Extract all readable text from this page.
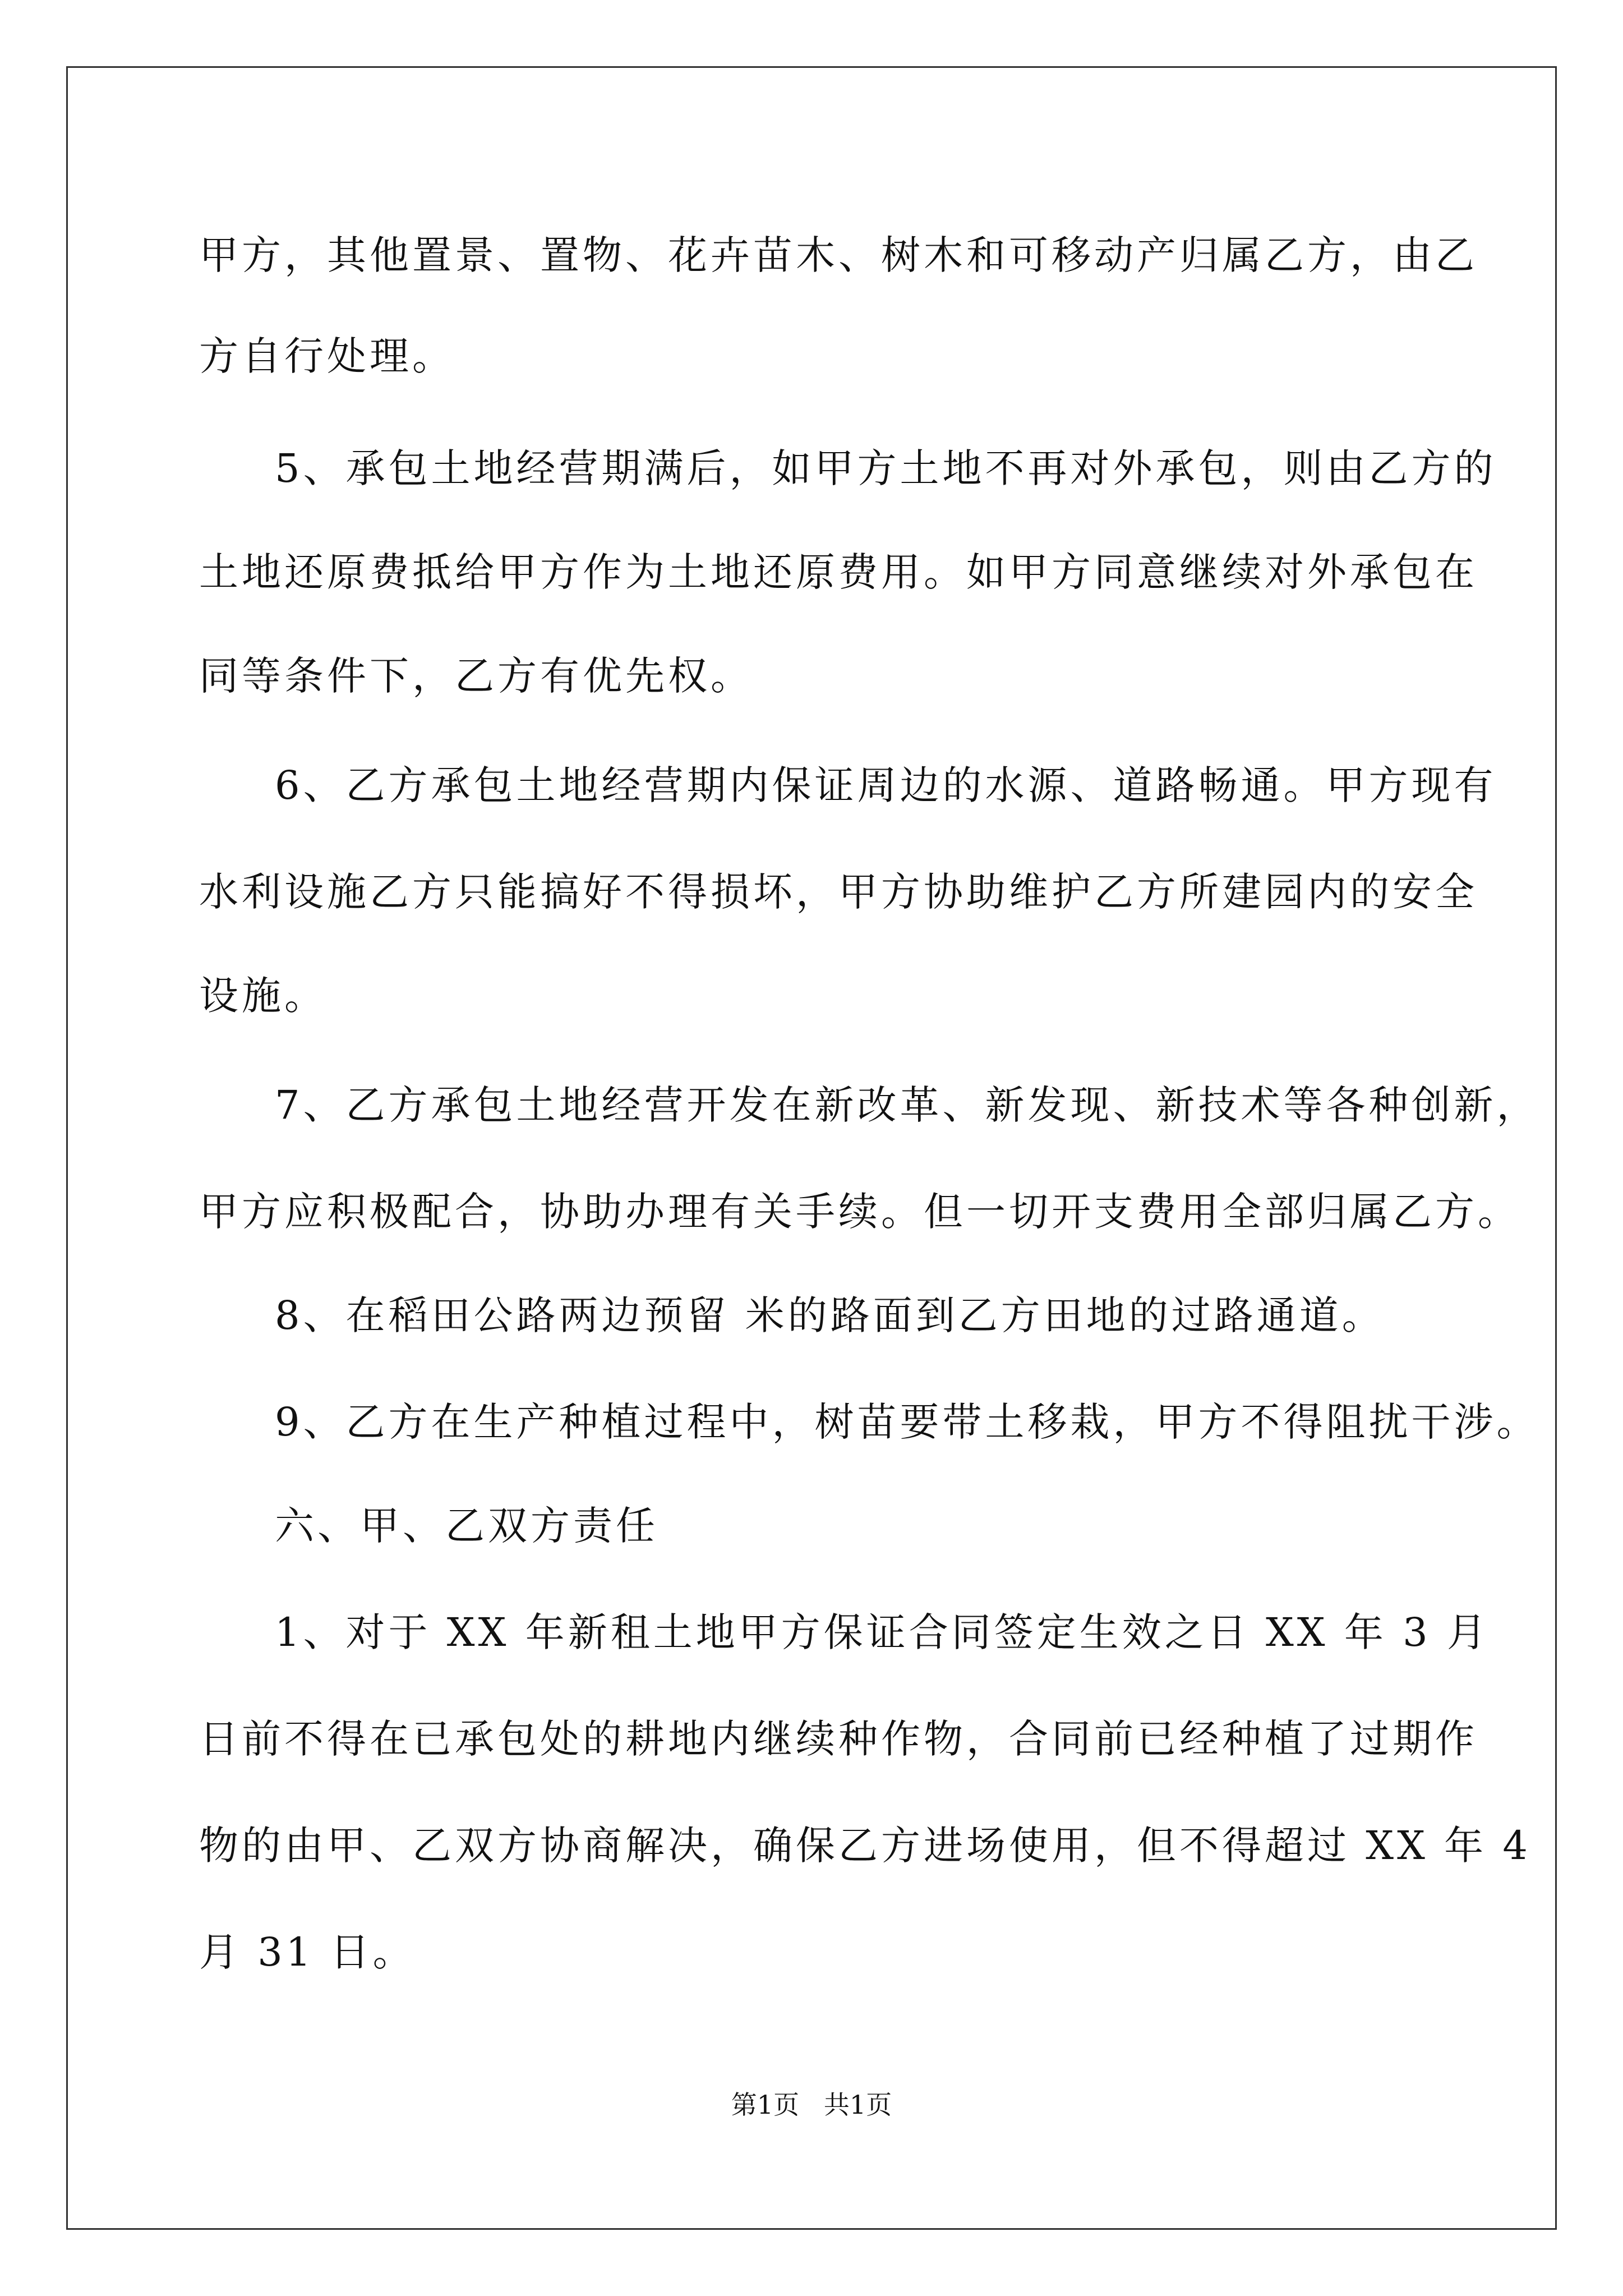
甲方，其他置景、置物、花卉苗木、树木和可移动产归属乙方，由乙
方自行处理。
5、承包土地经营期满后，如甲方土地不再对外承包，则由乙方的
土地还原费抵给甲方作为土地还原费用。如甲方同意继续对外承包在
同等条件下，乙方有优先权。
6、乙方承包土地经营期内保证周边的水源、道路畅通。甲方现有
水利设施乙方只能搞好不得损坏，甲方协助维护乙方所建园内的安全
设施。
7、乙方承包土地经营开发在新改革、新发现、新技术等各种创新，
甲方应积极配合，协助办理有关手续。但一切开支费用全部归属乙方。
8、在稻田公路两边预留 米的路面到乙方田地的过路通道。
9、乙方在生产种植过程中，树苗要带土移栽，甲方不得阻扰干涉。
六、甲、乙双方责任
1、对于 XX 年新租土地甲方保证合同签定生效之日 XX 年 3 月
日前不得在已承包处的耕地内继续种作物，合同前已经种植了过期作
物的由甲、乙双方协商解决，确保乙方进场使用，但不得超过 XX 年 4
月 31 日。
第1页   共1页
